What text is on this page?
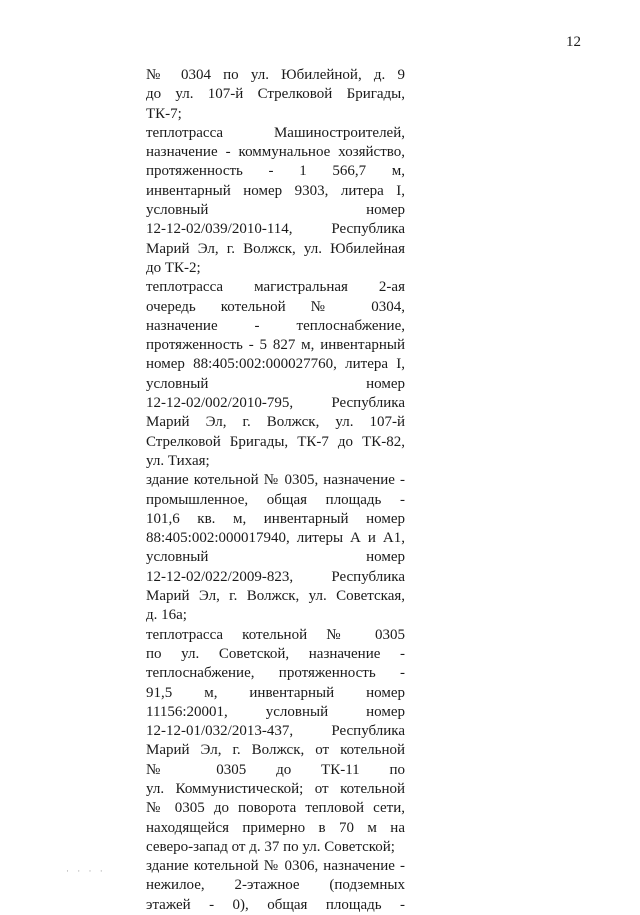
12
№ 0304 по ул. Юбилейной, д. 9
до ул. 107-й Стрелковой Бригады,
ТК-7;
теплотрасса Машиностроителей,
назначение - коммунальное хозяйство,
протяженность - 1 566,7 м,
инвентарный номер 9303, литера I,
условный номер
12-12-02/039/2010-114, Республика
Марий Эл, г. Волжск, ул. Юбилейная
до ТК-2;
теплотрасса магистральная 2-ая
очередь котельной № 0304,
назначение - теплоснабжение,
протяженность - 5 827 м, инвентарный
номер 88:405:002:000027760, литера I,
условный номер
12-12-02/002/2010-795, Республика
Марий Эл, г. Волжск, ул. 107-й
Стрелковой Бригады, ТК-7 до ТК-82,
ул. Тихая;
здание котельной № 0305, назначение -
промышленное, общая площадь -
101,6 кв. м, инвентарный номер
88:405:002:000017940, литеры А и А1,
условный номер
12-12-02/022/2009-823, Республика
Марий Эл, г. Волжск, ул. Советская,
д. 16а;
теплотрасса котельной № 0305
по ул. Советской, назначение -
теплоснабжение, протяженность -
91,5 м, инвентарный номер
11156:20001, условный номер
12-12-01/032/2013-437, Республика
Марий Эл, г. Волжск, от котельной
№ 0305 до ТК-11 по
ул. Коммунистической; от котельной
№ 0305 до поворота тепловой сети,
находящейся примерно в 70 м на
северо-запад от д. 37 по ул. Советской;
здание котельной № 0306, назначение -
нежилое, 2-этажное (подземных
этажей - 0), общая площадь -
· · · ·
